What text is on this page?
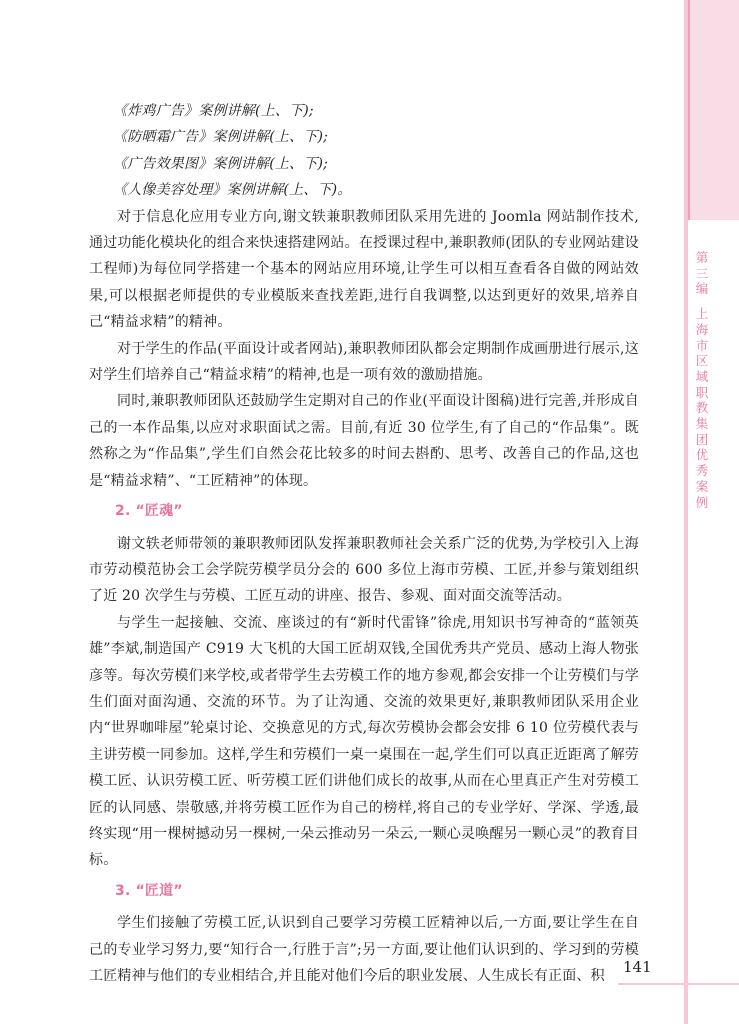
第三编
上海市区域职教集团优秀案例

《炸鸡广告》案例讲解(上、下);

《防晒霜广告》案例讲解(上、下);

《广告效果图》案例讲解(上、下);

《人像美容处理》案例讲解(上、下)。

对于信息化应用专业方向,谢文轶兼职教师团队采用先进的 Joomla 网站制作技术,通过功能化模块化的组合来快速搭建网站。在授课过程中,兼职教师(团队的专业网站建设工程师)为每位同学搭建一个基本的网站应用环境,让学生可以相互查看各自做的网站效果,可以根据老师提供的专业模版来查找差距,进行自我调整,以达到更好的效果,培养自己“精益求精”的精神。

对于学生的作品(平面设计或者网站),兼职教师团队都会定期制作成画册进行展示,这对学生们培养自己“精益求精”的精神,也是一项有效的激励措施。

同时,兼职教师团队还鼓励学生定期对自己的作业(平面设计图稿)进行完善,并形成自己的一本作品集,以应对求职面试之需。目前,有近 30 位学生,有了自己的“作品集”。既然称之为“作品集”,学生们自然会花比较多的时间去斟酌、思考、改善自己的作品,这也是“精益求精”、“工匠精神”的体现。

2. “匠魂”

谢文轶老师带领的兼职教师团队发挥兼职教师社会关系广泛的优势,为学校引入上海市劳动模范协会工会学院劳模学员分会的 600 多位上海市劳模、工匠,并参与策划组织了近 20 次学生与劳模、工匠互动的讲座、报告、参观、面对面交流等活动。

与学生一起接触、交流、座谈过的有“新时代雷锋”徐虎,用知识书写神奇的“蓝领英雄”李斌,制造国产 C919 大飞机的大国工匠胡双钱,全国优秀共产党员、感动上海人物张彦等。每次劳模们来学校,或者带学生去劳模工作的地方参观,都会安排一个让劳模们与学生们面对面沟通、交流的环节。为了让沟通、交流的效果更好,兼职教师团队采用企业内“世界咖啡屋”轮桌讨论、交换意见的方式,每次劳模协会都会安排 6 10 位劳模代表与主讲劳模一同参加。这样,学生和劳模们一桌一桌围在一起,学生们可以真正近距离了解劳模工匠、认识劳模工匠、听劳模工匠们讲他们成长的故事,从而在心里真正产生对劳模工匠的认同感、崇敬感,并将劳模工匠作为自己的榜样,将自己的专业学好、学深、学透,最终实现“用一棵树撼动另一棵树,一朵云推动另一朵云,一颗心灵唤醒另一颗心灵”的教育目标。

3. “匠道”

学生们接触了劳模工匠,认识到自己要学习劳模工匠精神以后,一方面,要让学生在自己的专业学习努力,要“知行合一,行胜于言”;另一方面,要让他们认识到的、学习到的劳模工匠精神与他们的专业相结合,并且能对他们今后的职业发展、人生成长有正面、积	141
